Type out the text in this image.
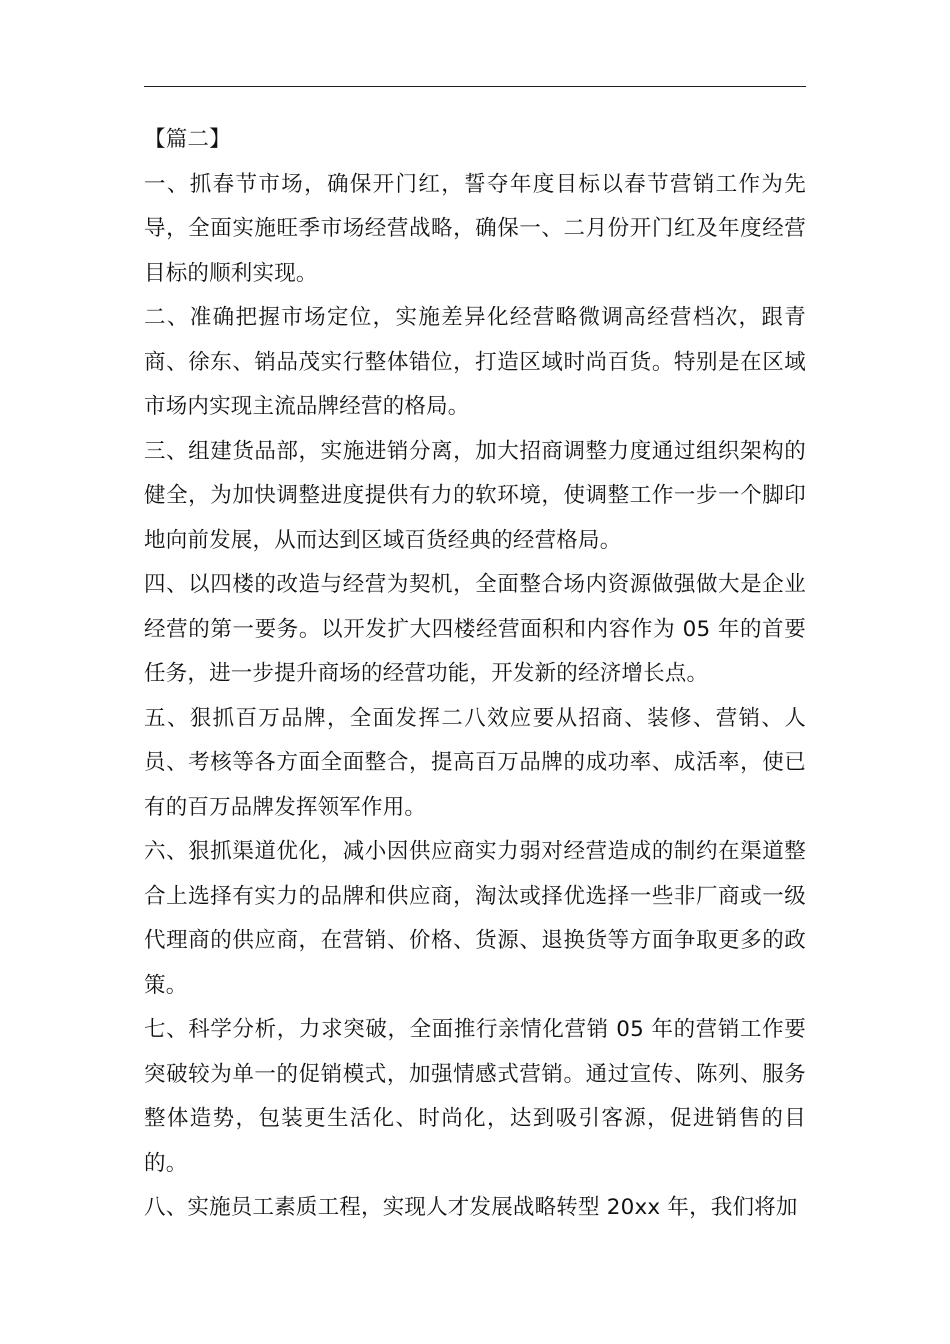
【篇二】

一、抓春节市场，确保开门红，誓夺年度目标以春节营销工作为先导，全面实施旺季市场经营战略，确保一、二月份开门红及年度经营目标的顺利实现。

二、准确把握市场定位，实施差异化经营略微调高经营档次，跟青商、徐东、销品茂实行整体错位，打造区域时尚百货。特别是在区域市场内实现主流品牌经营的格局。

三、组建货品部，实施进销分离，加大招商调整力度通过组织架构的健全，为加快调整进度提供有力的软环境，使调整工作一步一个脚印地向前发展，从而达到区域百货经典的经营格局。

四、以四楼的改造与经营为契机，全面整合场内资源做强做大是企业经营的第一要务。以开发扩大四楼经营面积和内容作为 05 年的首要任务，进一步提升商场的经营功能，开发新的经济增长点。

五、狠抓百万品牌，全面发挥二八效应要从招商、装修、营销、人员、考核等各方面全面整合，提高百万品牌的成功率、成活率，使已有的百万品牌发挥领军作用。

六、狠抓渠道优化，减小因供应商实力弱对经营造成的制约在渠道整合上选择有实力的品牌和供应商，淘汰或择优选择一些非厂商或一级代理商的供应商，在营销、价格、货源、退换货等方面争取更多的政策。

七、科学分析，力求突破，全面推行亲情化营销 05 年的营销工作要突破较为单一的促销模式，加强情感式营销。通过宣传、陈列、服务整体造势，包装更生活化、时尚化，达到吸引客源，促进销售的目的。

八、实施员工素质工程，实现人才发展战略转型 20xx 年，我们将加
